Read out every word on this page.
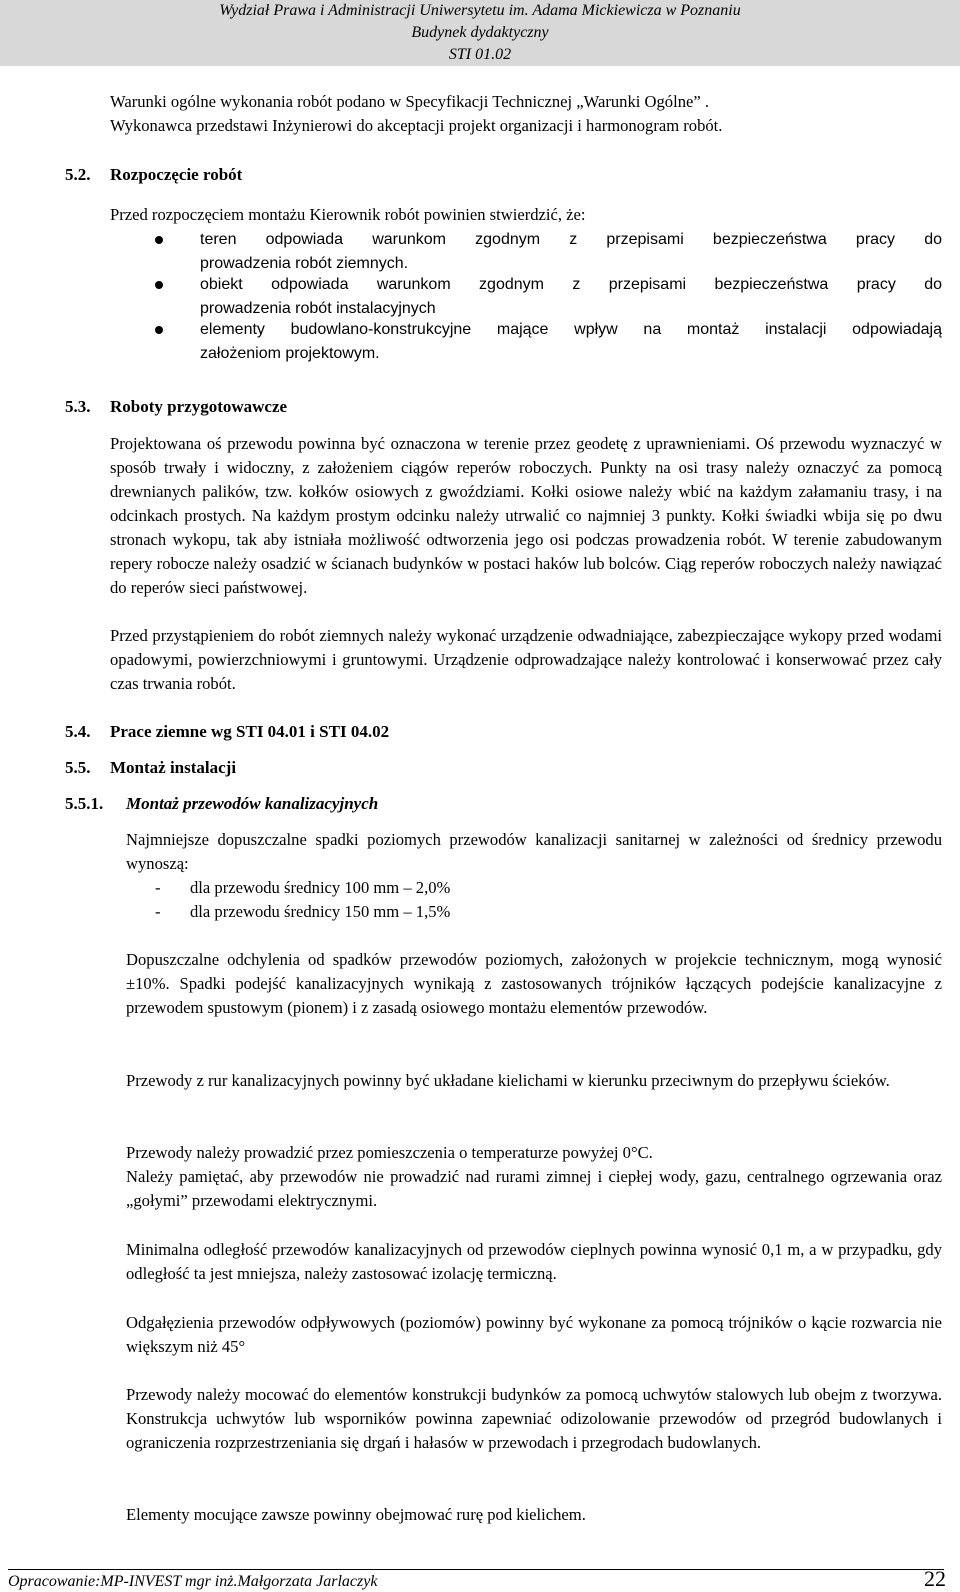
Wydział Prawa i Administracji Uniwersytetu im. Adama Mickiewicza w Poznaniu
Budynek dydaktyczny
STI 01.02
Warunki ogólne wykonania robót podano w Specyfikacji Technicznej „Warunki Ogólne” .
Wykonawca przedstawi Inżynierowi do akceptacji projekt organizacji i harmonogram robót.
5.2. Rozpoczęcie robót
Przed rozpoczęciem montażu Kierownik robót powinien stwierdzić, że:
teren odpowiada warunkom zgodnym z przepisami bezpieczeństwa pracy do
prowadzenia robót ziemnych.
obiekt odpowiada warunkom zgodnym z przepisami bezpieczeństwa pracy do
prowadzenia robót instalacyjnych
elementy budowlano-konstrukcyjne mające wpływ na montaż instalacji odpowiadają
założeniom projektowym.
5.3. Roboty przygotowawcze
Projektowana oś przewodu powinna być oznaczona w terenie przez geodetę z uprawnieniami. Oś przewodu wyznaczyć w sposób trwały i widoczny, z założeniem ciągów reperów roboczych. Punkty na osi trasy należy oznaczyć za pomocą drewnianych palików, tzw. kołków osiowych z gwoździami. Kołki osiowe należy wbić na każdym załamaniu trasy, i na odcinkach prostych. Na każdym prostym odcinku należy utrwalić co najmniej 3 punkty. Kołki świadki wbija się po dwu stronach wykopu, tak aby istniała możliwość odtworzenia jego osi podczas prowadzenia robót. W terenie zabudowanym repery robocze należy osadzić w ścianach budynków w postaci haków lub bolców. Ciąg reperów roboczych należy nawiązać do reperów sieci państwowej.
Przed przystąpieniem do robót ziemnych należy wykonać urządzenie odwadniające, zabezpieczające wykopy przed wodami opadowymi, powierzchniowymi i gruntowymi. Urządzenie odprowadzające należy kontrolować i konserwować przez cały czas trwania robót.
5.4. Prace ziemne wg STI 04.01 i STI 04.02
5.5. Montaż instalacji
5.5.1. Montaż przewodów kanalizacyjnych
Najmniejsze dopuszczalne spadki poziomych przewodów kanalizacji sanitarnej w zależności od średnicy przewodu wynoszą:
- dla przewodu średnicy 100 mm – 2,0%
- dla przewodu średnicy 150 mm – 1,5%
Dopuszczalne odchylenia od spadków przewodów poziomych, założonych w projekcie technicznym, mogą wynosić ±10%. Spadki podejść kanalizacyjnych wynikają z zastosowanych trójników łączących podejście kanalizacyjne z przewodem spustowym (pionem) i z zasadą osiowego montażu elementów przewodów.
Przewody z rur kanalizacyjnych powinny być układane kielichami w kierunku przeciwnym do przepływu ścieków.
Przewody należy prowadzić przez pomieszczenia o temperaturze powyżej 0°C.
Należy pamiętać, aby przewodów nie prowadzić nad rurami zimnej i ciepłej wody, gazu, centralnego ogrzewania oraz „gołymi” przewodami elektrycznymi.
Minimalna odległość przewodów kanalizacyjnych od przewodów cieplnych powinna wynosić 0,1 m, a w przypadku, gdy odległość ta jest mniejsza, należy zastosować izolację termiczną.
Odgałęzienia przewodów odpływowych (poziomów) powinny być wykonane za pomocą trójników o kącie rozwarcia nie większym niż 45°
Przewody należy mocować do elementów konstrukcji budynków za pomocą uchwytów stalowych lub obejm z tworzywa. Konstrukcja uchwytów lub wsporników powinna zapewniać odizolowanie przewodów od przegród budowlanych i ograniczenia rozprzestrzeniania się drgań i hałasów w przewodach i przegrodach budowlanych.
Elementy mocujące zawsze powinny obejmować rurę pod kielichem.
Opracowanie:MP-INVEST mgr inż.Małgorzata Jarlaczyk	22
